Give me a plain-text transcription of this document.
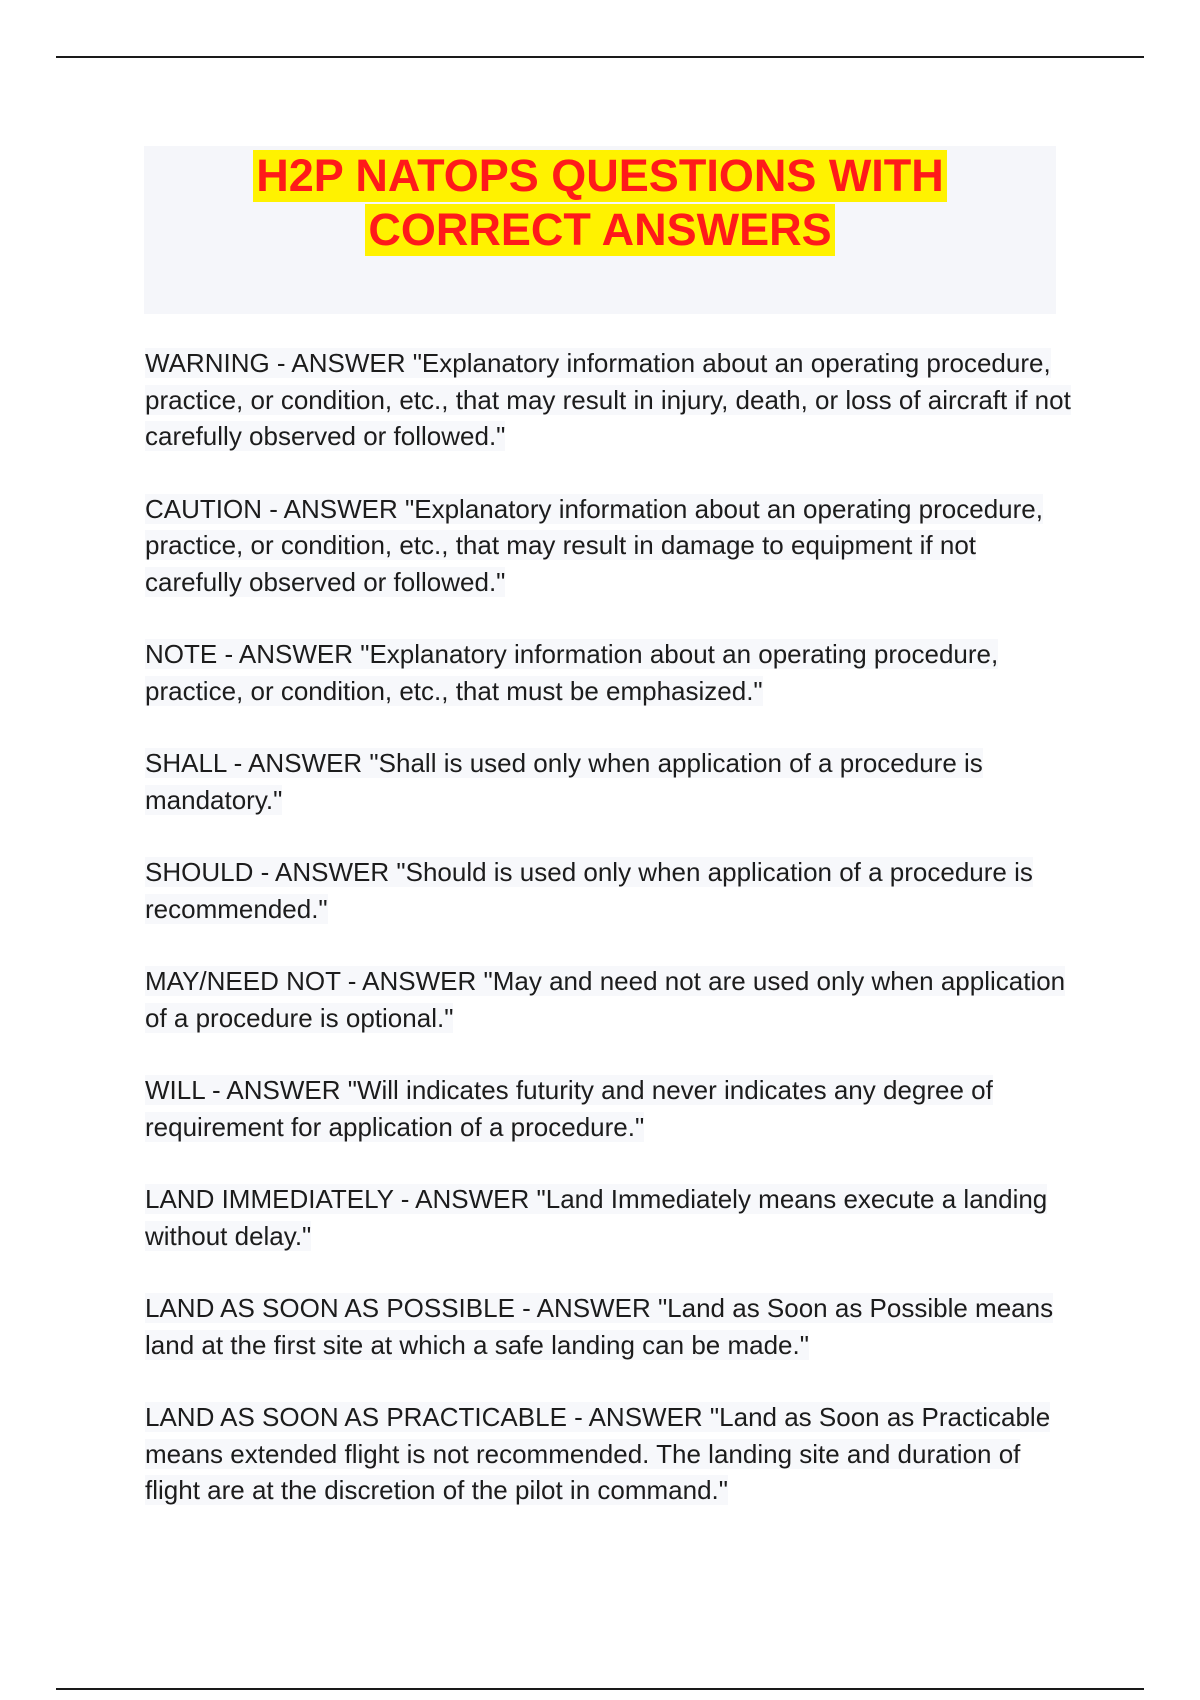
H2P NATOPS QUESTIONS WITH
CORRECT ANSWERS

WARNING - ANSWER "Explanatory information about an operating procedure, practice, or condition, etc., that may result in injury, death, or loss of aircraft if not carefully observed or followed."

CAUTION - ANSWER "Explanatory information about an operating procedure, practice, or condition, etc., that may result in damage to equipment if not carefully observed or followed."

NOTE - ANSWER "Explanatory information about an operating procedure, practice, or condition, etc., that must be emphasized."

SHALL - ANSWER "Shall is used only when application of a procedure is mandatory."

SHOULD - ANSWER "Should is used only when application of a procedure is recommended."

MAY/NEED NOT - ANSWER "May and need not are used only when application of a procedure is optional."

WILL - ANSWER "Will indicates futurity and never indicates any degree of requirement for application of a procedure."

LAND IMMEDIATELY - ANSWER "Land Immediately means execute a landing without delay."

LAND AS SOON AS POSSIBLE - ANSWER "Land as Soon as Possible means land at the first site at which a safe landing can be made."

LAND AS SOON AS PRACTICABLE - ANSWER "Land as Soon as Practicable means extended flight is not recommended. The landing site and duration of flight are at the discretion of the pilot in command."
